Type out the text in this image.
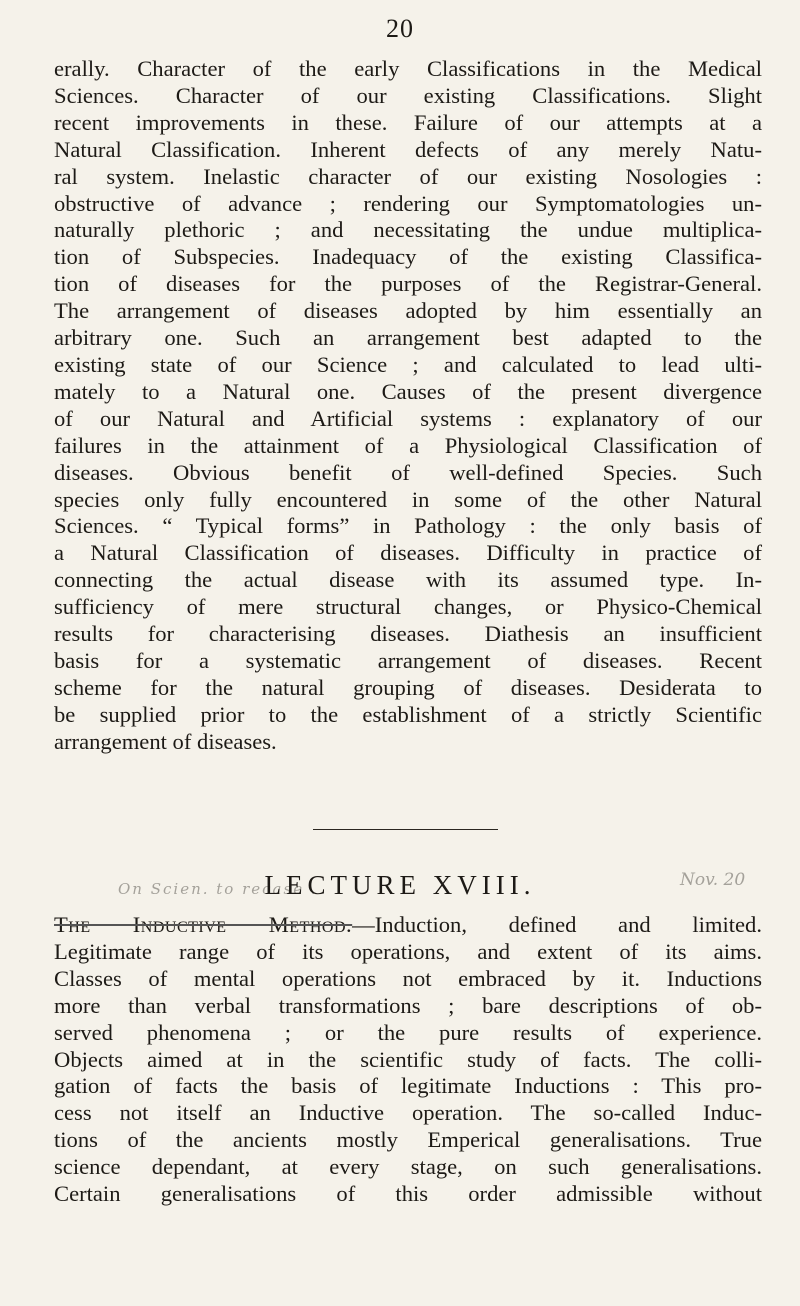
20
erally. Character of the early Classifications in the Medical
Sciences. Character of our existing Classifications. Slight
recent improvements in these. Failure of our attempts at a
Natural Classification. Inherent defects of any merely Natu-
ral system. Inelastic character of our existing Nosologies :
obstructive of advance ; rendering our Symptomatologies un-
naturally plethoric ; and necessitating the undue multiplica-
tion of Subspecies. Inadequacy of the existing Classifica-
tion of diseases for the purposes of the Registrar-General.
The arrangement of diseases adopted by him essentially an
arbitrary one. Such an arrangement best adapted to the
existing state of our Science ; and calculated to lead ulti-
mately to a Natural one. Causes of the present divergence
of our Natural and Artificial systems : explanatory of our
failures in the attainment of a Physiological Classification of
diseases. Obvious benefit of well-defined Species. Such
species only fully encountered in some of the other Natural
Sciences. “ Typical forms” in Pathology : the only basis of
a Natural Classification of diseases. Difficulty in practice of
connecting the actual disease with its assumed type. In-
sufficiency of mere structural changes, or Physico-Chemical
results for characterising diseases. Diathesis an insufficient
basis for a systematic arrangement of diseases. Recent
scheme for the natural grouping of diseases. Desiderata to
be supplied prior to the establishment of a strictly Scientific
arrangement of diseases.
On Scien. to recase .
LECTURE XVIII.	Nov. 20
The Inductive Method.—Induction, defined and limited.
Legitimate range of its operations, and extent of its aims.
Classes of mental operations not embraced by it. Inductions
more than verbal transformations ; bare descriptions of ob-
served phenomena ; or the pure results of experience.
Objects aimed at in the scientific study of facts. The colli-
gation of facts the basis of legitimate Inductions : This pro-
cess not itself an Inductive operation. The so-called Induc-
tions of the ancients mostly Emperical generalisations. True
science dependant, at every stage, on such generalisations.
Certain generalisations of this order admissible without
